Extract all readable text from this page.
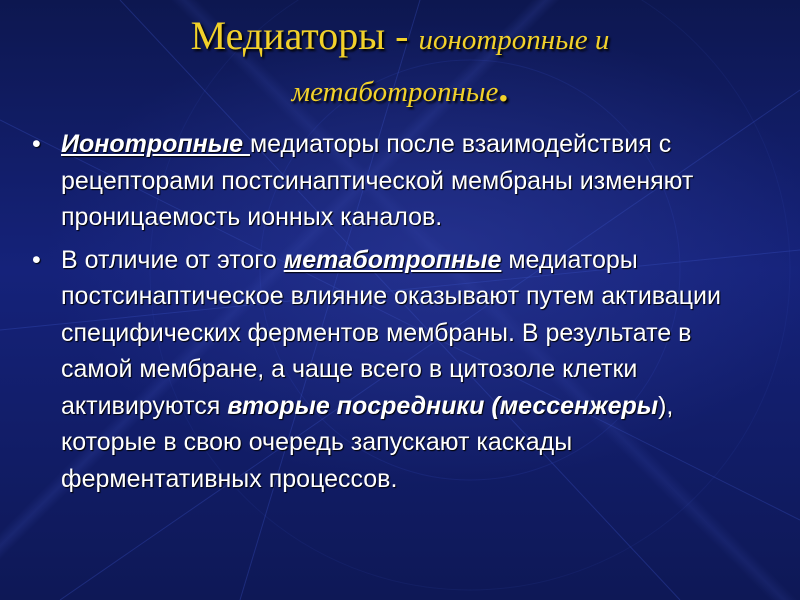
Медиаторы - ионотропные и
метаботропные.
• Ионотропные медиаторы после взаимодействия с рецепторами постсинаптической мембраны изменяют проницаемость ионных каналов.
• В отличие от этого метаботропные медиаторы постсинаптическое влияние оказывают путем активации специфических ферментов мембраны. В результате в самой мембране, а чаще всего в цитозоле клетки активируются вторые посредники (мессенжеры), которые в свою очередь запускают каскады ферментативных процессов.
